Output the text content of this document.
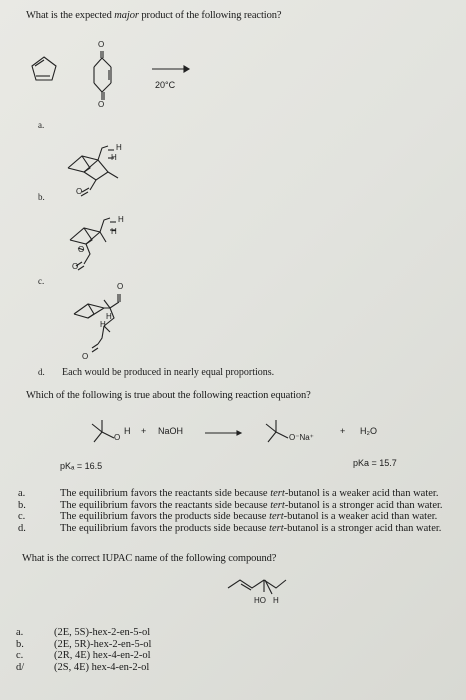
What is the expected major product of the following reaction?
O
O
20°C
a.
H
H
O
b.
H
H
O
O
c.
O
H
H
O
d. Each would be produced in nearly equal proportions.
Which of the following is true about the following reaction equation?
O
H + NaOH →	O⁻Na⁺
+ H₂O
pKₐ = 16.5	pKa = 15.7
a.	The equilibrium favors the reactants side because tert-butanol is a weaker acid than water.
b.	The equilibrium favors the reactants side because tert-butanol is a stronger acid than water.
c.	The equilibrium favors the products side because tert-butanol is a weaker acid than water.
d.	The equilibrium favors the products side because tert-butanol is a stronger acid than water.
What is the correct IUPAC name of the following compound?
HO H
a.	(2E, 5S)-hex-2-en-5-ol
b.	(2E, 5R)-hex-2-en-5-ol
c.	(2R, 4E) hex-4-en-2-ol
d/	(2S, 4E) hex-4-en-2-ol
